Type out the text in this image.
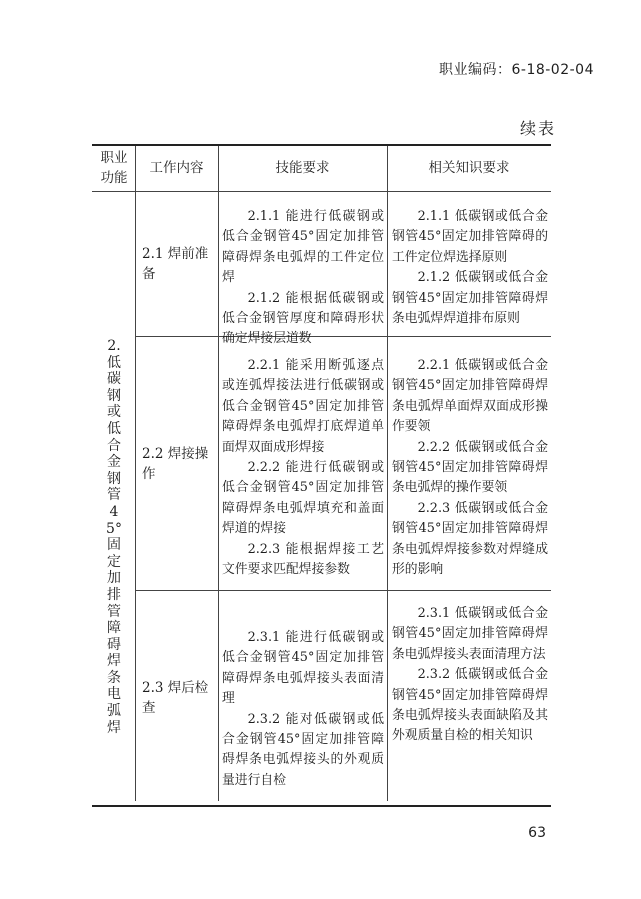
职业编码：6-18-02-04
续表
职业功能
工作内容	技能要求	相关知识要求
2.
低碳钢或低合金钢管45°固定加排管障碍焊条电弧焊
2.1 焊前准备

2.1.1 能进行低碳钢或低合金钢管45°固定加排管障碍焊条电弧焊的工件定位焊

2.1.2 能根据低碳钢或低合金钢管厚度和障碍形状确定焊接层道数

2.1.1 低碳钢或低合金钢管45°固定加排管障碍的工件定位焊选择原则

2.1.2 低碳钢或低合金钢管45°固定加排管障碍焊条电弧焊焊道排布原则

2.2 焊接操作

2.2.1 能采用断弧逐点或连弧焊接法进行低碳钢或低合金钢管45°固定加排管障碍焊条电弧焊打底焊道单面焊双面成形焊接

2.2.2 能进行低碳钢或低合金钢管45°固定加排管障碍焊条电弧焊填充和盖面焊道的焊接

2.2.3 能根据焊接工艺文件要求匹配焊接参数

2.2.1 低碳钢或低合金钢管45°固定加排管障碍焊条电弧焊单面焊双面成形操作要领

2.2.2 低碳钢或低合金钢管45°固定加排管障碍焊条电弧焊的操作要领

2.2.3 低碳钢或低合金钢管45°固定加排管障碍焊条电弧焊焊接参数对焊缝成形的影响

2.3 焊后检查

2.3.1 能进行低碳钢或低合金钢管45°固定加排管障碍焊条电弧焊接头表面清理

2.3.2 能对低碳钢或低合金钢管45°固定加排管障碍焊条电弧焊接头的外观质量进行自检

2.3.1 低碳钢或低合金钢管45°固定加排管障碍焊条电弧焊接头表面清理方法

2.3.2 低碳钢或低合金钢管45°固定加排管障碍焊条电弧焊接头表面缺陷及其外观质量自检的相关知识

63
